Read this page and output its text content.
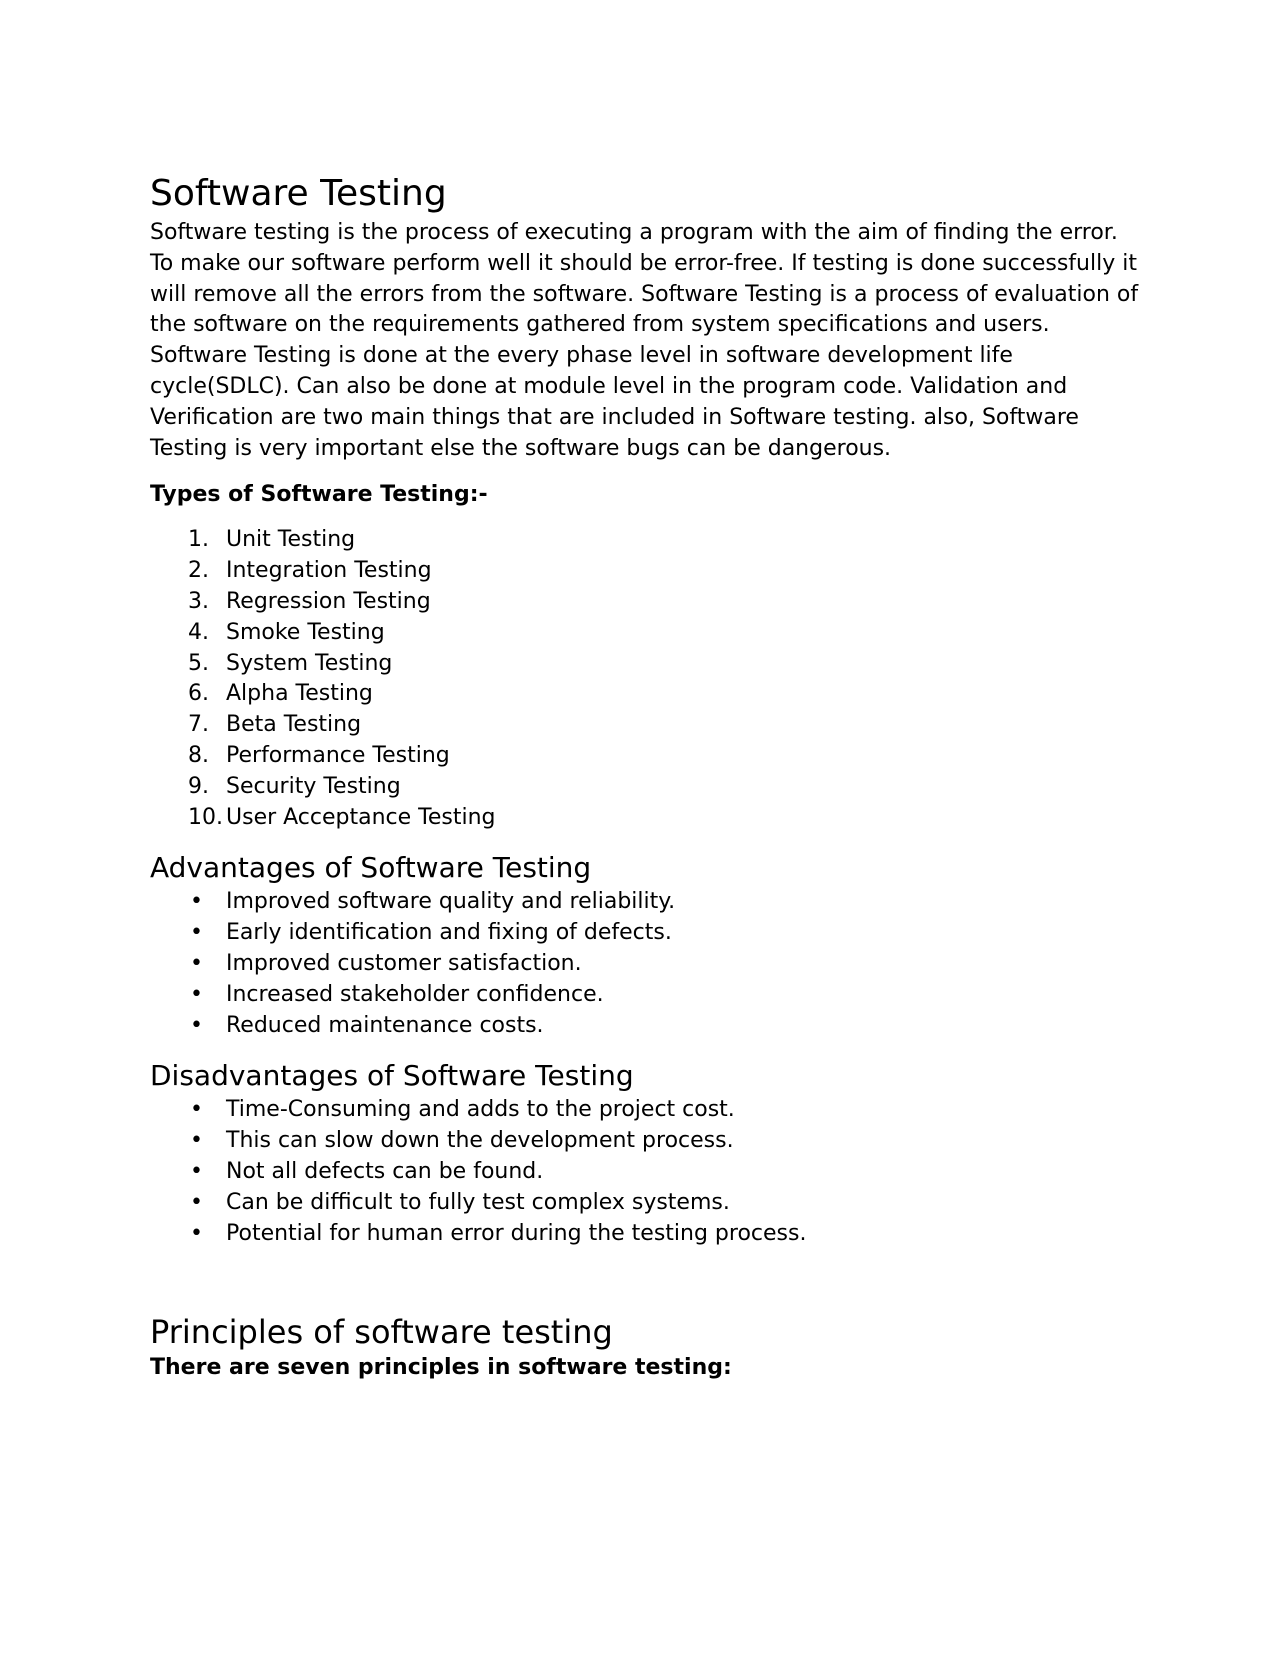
Software Testing

Software testing is the process of executing a program with the aim of finding the error. To make our software perform well it should be error-free. If testing is done successfully it will remove all the errors from the software. Software Testing is a process of evaluation of the software on the requirements gathered from system specifications and users. Software Testing is done at the every phase level in software development life cycle(SDLC). Can also be done at module level in the program code. Validation and Verification are two main things that are included in Software testing. also, Software Testing is very important else the software bugs can be dangerous.

Types of Software Testing:-
1. Unit Testing
2. Integration Testing
3. Regression Testing
4. Smoke Testing
5. System Testing
6. Alpha Testing
7. Beta Testing
8. Performance Testing
9. Security Testing
10. User Acceptance Testing
Advantages of Software Testing
• Improved software quality and reliability.
• Early identification and fixing of defects.
• Improved customer satisfaction.
• Increased stakeholder confidence.
• Reduced maintenance costs.
Disadvantages of Software Testing
• Time-Consuming and adds to the project cost.
• This can slow down the development process.
• Not all defects can be found.
• Can be difficult to fully test complex systems.
• Potential for human error during the testing process.
Principles of software testing
There are seven principles in software testing:
